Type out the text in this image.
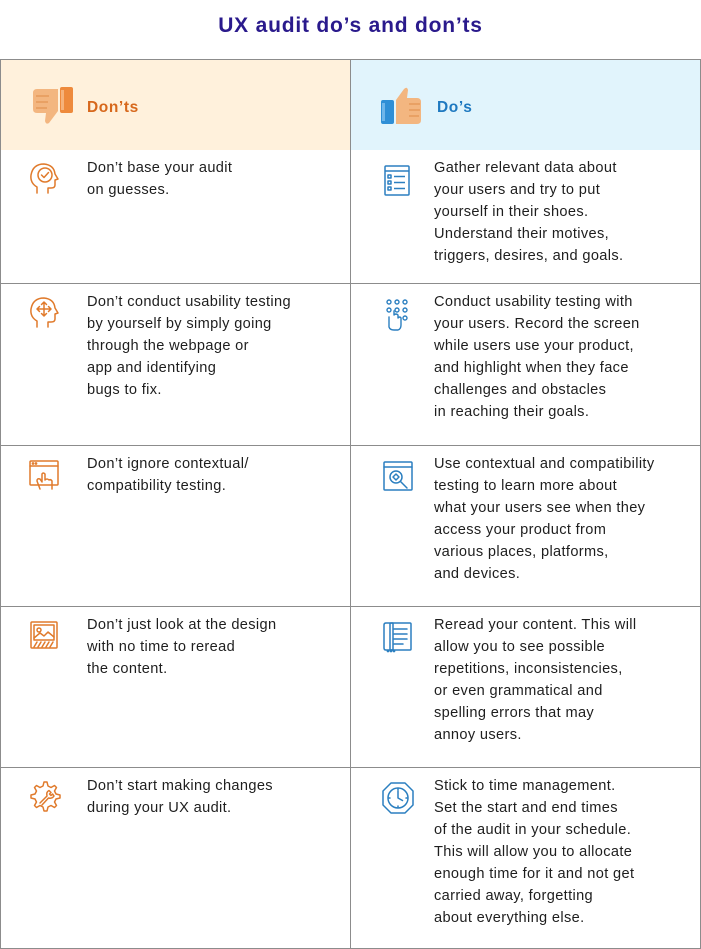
UX audit do’s and don’ts
Don’ts	Do’s
Don’t base your audit
on guesses.
Gather relevant data about
your users and try to put
yourself in their shoes.
Understand their motives,
triggers, desires, and goals.
Don’t conduct usability testing
by yourself by simply going
through the webpage or
app and identifying
bugs to fix.
Conduct usability testing with
your users. Record the screen
while users use your product,
and highlight when they face
challenges and obstacles
in reaching their goals.
Don’t ignore contextual/
compatibility testing.
Use contextual and compatibility
testing to learn more about
what your users see when they
access your product from
various places, platforms,
and devices.
Don’t just look at the design
with no time to reread
the content.
Reread your content. This will
allow you to see possible
repetitions, inconsistencies,
or even grammatical and
spelling errors that may
annoy users.
Don’t start making changes
during your UX audit.
Stick to time management.
Set the start and end times
of the audit in your schedule.
This will allow you to allocate
enough time for it and not get
carried away, forgetting
about everything else.
